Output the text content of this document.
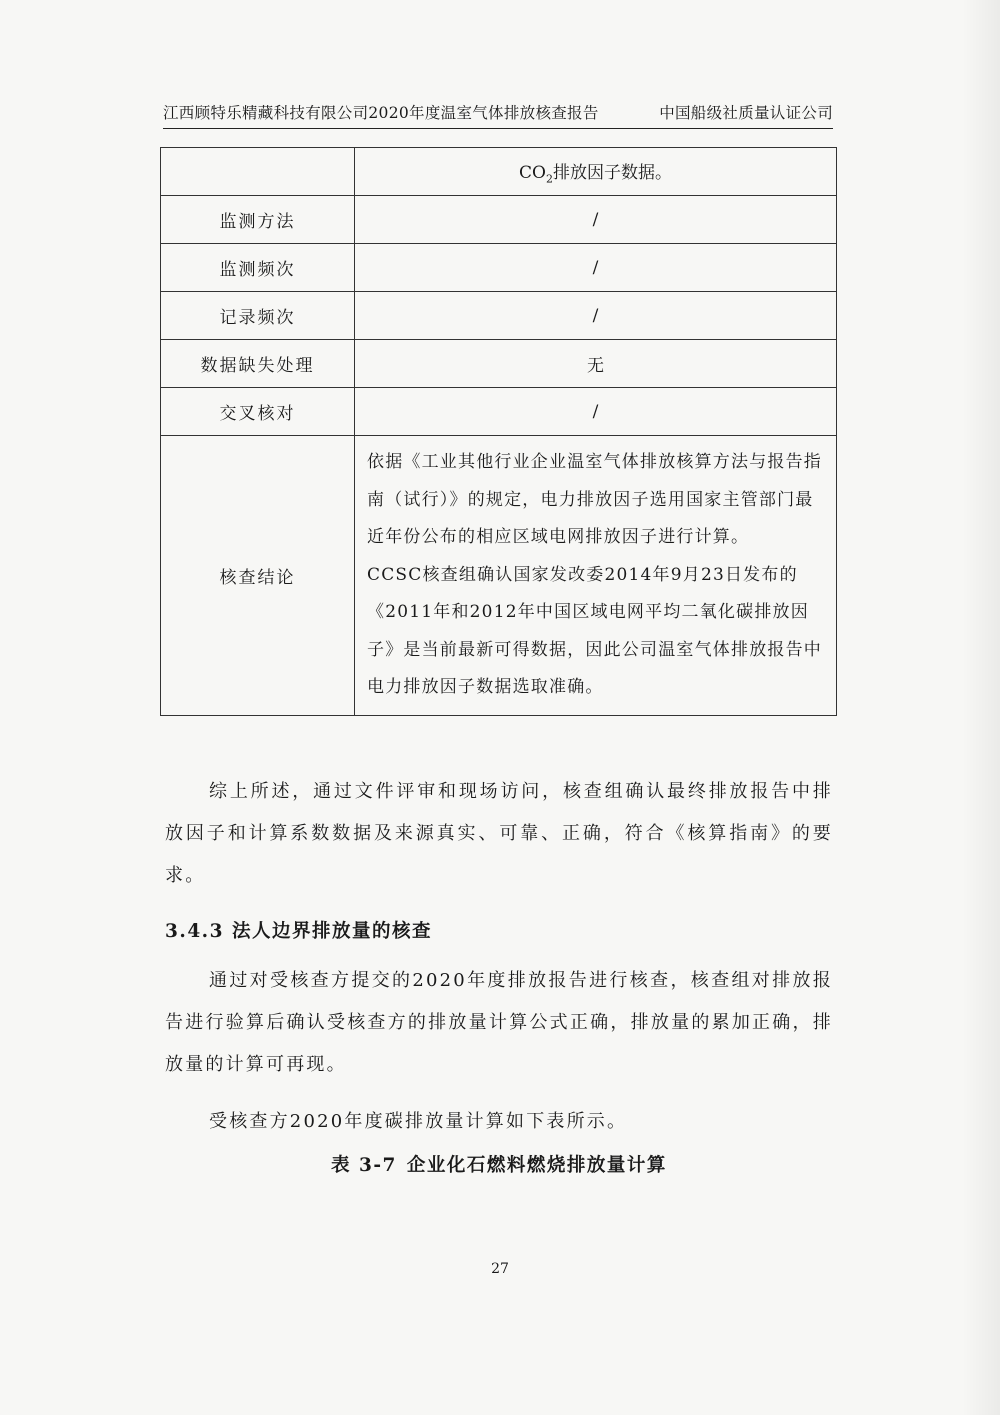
江西顾特乐精藏科技有限公司2020年度温室气体排放核查报告	中国船级社质量认证公司
	$CO_2$排放因子数据。
监测方法	/
监测频次	/
记录频次	/
数据缺失处理	无
交叉核对	/
核查结论	依据《工业其他行业企业温室气体排放核算方法与报告指南（试行）》的规定，电力排放因子选用国家主管部门最近年份公布的相应区域电网排放因子进行计算。

CCSC核查组确认国家发改委2014年9月23日发布的《2011年和2012年中国区域电网平均二氧化碳排放因子》是当前最新可得数据，因此公司温室气体排放报告中电力排放因子数据选取准确。

综上所述，通过文件评审和现场访问，核查组确认最终排放报告中排放因子和计算系数数据及来源真实、可靠、正确，符合《核算指南》的要求。

3.4.3 法人边界排放量的核查

通过对受核查方提交的2020年度排放报告进行核查，核查组对排放报告进行验算后确认受核查方的排放量计算公式正确，排放量的累加正确，排放量的计算可再现。

受核查方2020年度碳排放量计算如下表所示。

表 3-7 企业化石燃料燃烧排放量计算
27
